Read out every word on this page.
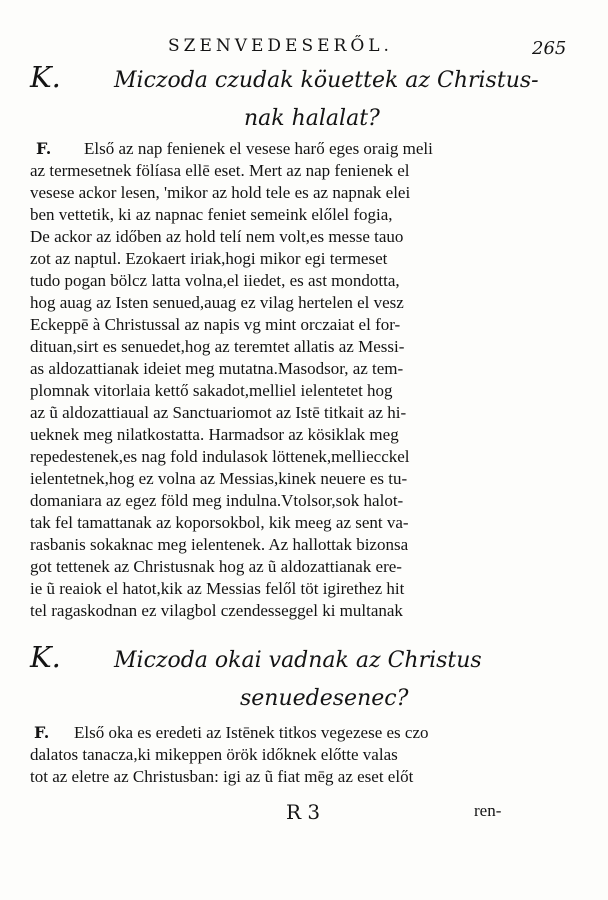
SZENVEDESERŐL.	265
K. Miczoda czudak köuettek az Christus-
nak halalat?
F. Első az nap fenienek el vesese harő eges oraig meli
az termesetnek fölíasa ellē eset. Mert az nap fenienek el
vesese ackor lesen, 'mikor az hold tele es az napnak elei
ben vettetik, ki az napnac feniet semeink előlel fogia,
De ackor az időben az hold telí nem volt,es messe tauo
zot az naptul. Ezokaert iriak,hogi mikor egi termeset
tudo pogan bölcz latta volna,el iiedet, es ast mondotta,
hog auag az Isten senued,auag ez vilag hertelen el vesz
Eckeppē à Christussal az napis vg mint orczaiat el for-
dituan,sirt es senuedet,hog az teremtet allatis az Messi-
as aldozattianak ideiet meg mutatna.Masodsor, az tem-
plomnak vitorlaia kettő sakadot,melliel ielentetet hog
az ũ aldozattiaual az Sanctuariomot az Istē titkait az hi-
ueknek meg nilatkostatta. Harmadsor az kösiklak meg
repedestenek,es nag fold indulasok löttenek,melliecckel
ielentetnek,hog ez volna az Messias,kinek neuere es tu-
domaniara az egez föld meg indulna.Vtolsor,sok halot-
tak fel tamattanak az koporsokbol, kik meeg az sent va-
rasbanis sokaknac meg ielentenek. Az hallottak bizonsa
got tettenek az Christusnak hog az ũ aldozattianak ere-
ie ũ reaiok el hatot,kik az Messias felől töt igirethez hit
tel ragaskodnan ez vilagbol czendesseggel ki multanak
K. Miczoda okai vadnak az Christus
senuedesenec?
F. Első oka es eredeti az Istēnek titkos vegezese es czo
dalatos tanacza,ki mikeppen örök időknek előtte valas
tot az eletre az Christusban: igi az ũ fiat mēg az eset előt
R 3	ren-
